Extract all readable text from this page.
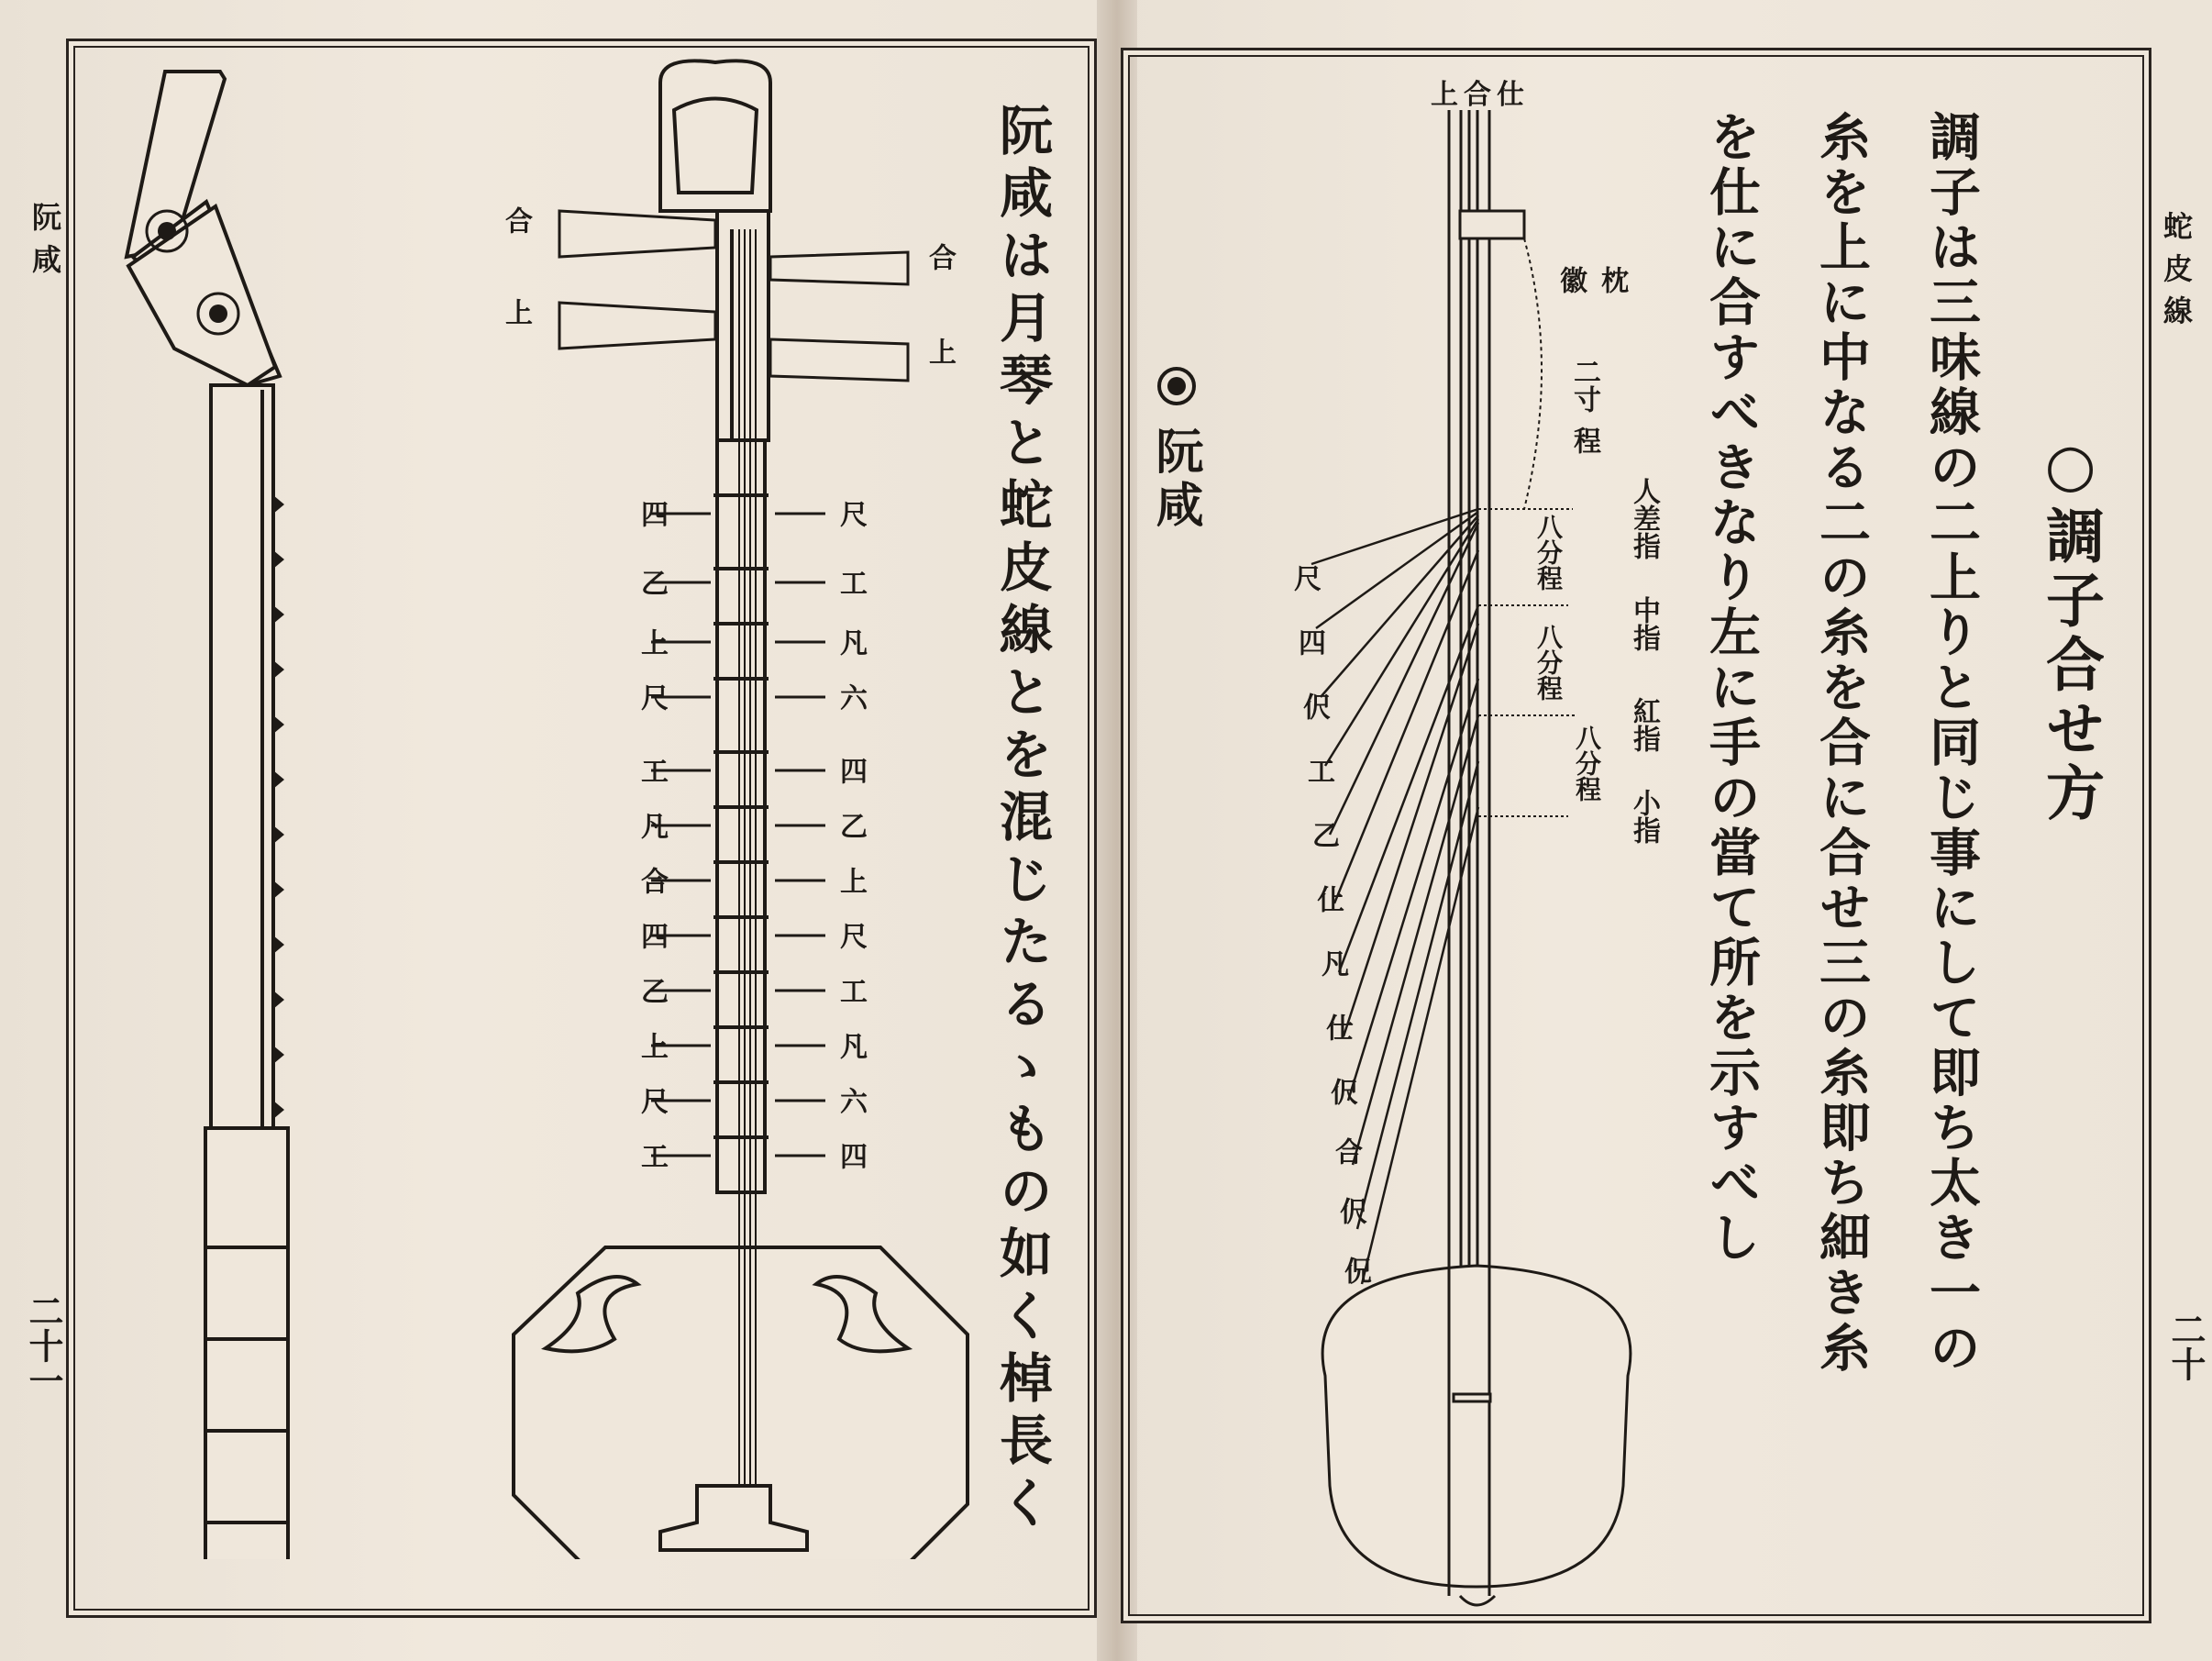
阮咸
二十一
蛇皮線
二十
阮咸は月琴と蛇皮線とを混じたるゝもの如く棹長く
合
上
合
上
四
乙
上
尺
工
凡
合
四
乙
上
尺
工
尺
工
凡
六
四
乙
上
尺
工
凡
六
四
○調子合せ方
調子は三味線の二上りと同じ事にして即ち太き一の
糸を上に中なる二の糸を合に合せ三の糸即ち細き糸
を仕に合すべきなり左に手の當て所を示すべし
阮咸
上合仕
枕
徽
二寸
程
人差指
中指
紅指
小指
八分程
八分程
八分程
尺
四
伬
工
乙
仩
凡
仕
伬
合
伬
㑆
